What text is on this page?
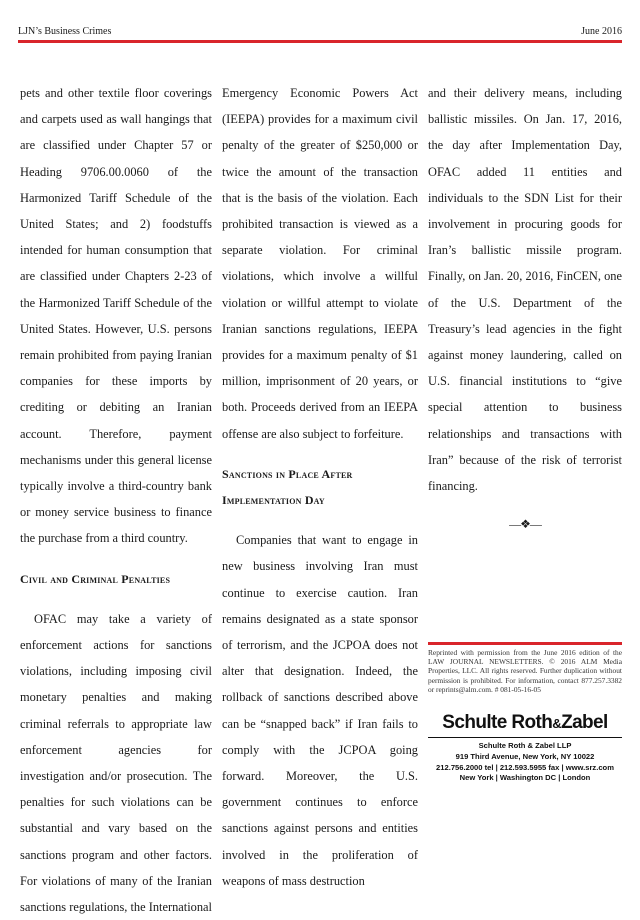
LJN’s Business Crimes	June 2016

pets and other textile floor coverings and carpets used as wall hangings that are classified under Chapter 57 or Heading 9706.00.0060 of the Harmonized Tariff Schedule of the United States; and 2) foodstuffs intended for human consumption that are classified under Chapters 2-23 of the Harmonized Tariff Schedule of the United States. However, U.S. persons remain prohibited from paying Iranian companies for these imports by crediting or debiting an Iranian account. Therefore, payment mechanisms under this general license typically involve a third-country bank or money service business to finance the purchase from a third country.

Civil and Criminal Penalties

OFAC may take a variety of enforcement actions for sanctions violations, including imposing civil monetary penalties and making criminal referrals to appropriate law enforcement agencies for investigation and/or prosecution. The penalties for such violations can be substantial and vary based on the sanctions program and other factors. For violations of many of the Iranian sanctions regulations, the International

Emergency Economic Powers Act (IEEPA) provides for a maximum civil penalty of the greater of $250,000 or twice the amount of the transaction that is the basis of the violation. Each prohibited transaction is viewed as a separate violation. For criminal violations, which involve a willful violation or willful attempt to violate Iranian sanctions regulations, IEEPA provides for a maximum penalty of $1 million, imprisonment of 20 years, or both. Proceeds derived from an IEEPA offense are also subject to forfeiture.

Sanctions in Place After Implementation Day

Companies that want to engage in new business involving Iran must continue to exercise caution. Iran remains designated as a state sponsor of terrorism, and the JCPOA does not alter that designation. Indeed, the rollback of sanctions described above can be “snapped back” if Iran fails to comply with the JCPOA going forward. Moreover, the U.S. government continues to enforce sanctions against persons and entities involved in the proliferation of weapons of mass destruction

and their delivery means, including ballistic missiles. On Jan. 17, 2016, the day after Implementation Day, OFAC added 11 entities and individuals to the SDN List for their involvement in procuring goods for Iran’s ballistic missile program. Finally, on Jan. 20, 2016, FinCEN, one of the U.S. Department of the Treasury’s lead agencies in the fight against money laundering, called on U.S. financial institutions to “give special attention to business relationships and transactions with Iran” because of the risk of terrorist financing.

—❖—
Reprinted with permission from the June 2016 edition of the LAW JOURNAL NEWSLETTERS. © 2016 ALM Media Properties, LLC. All rights reserved. Further duplication without permission is prohibited. For information, contact 877.257.3382 or reprints@alm.com. # 081-05-16-05
Schulte Roth&Zabel
Schulte Roth & Zabel LLP
919 Third Avenue, New York, NY 10022
212.756.2000 tel | 212.593.5955 fax | www.srz.com
New York | Washington DC | London
